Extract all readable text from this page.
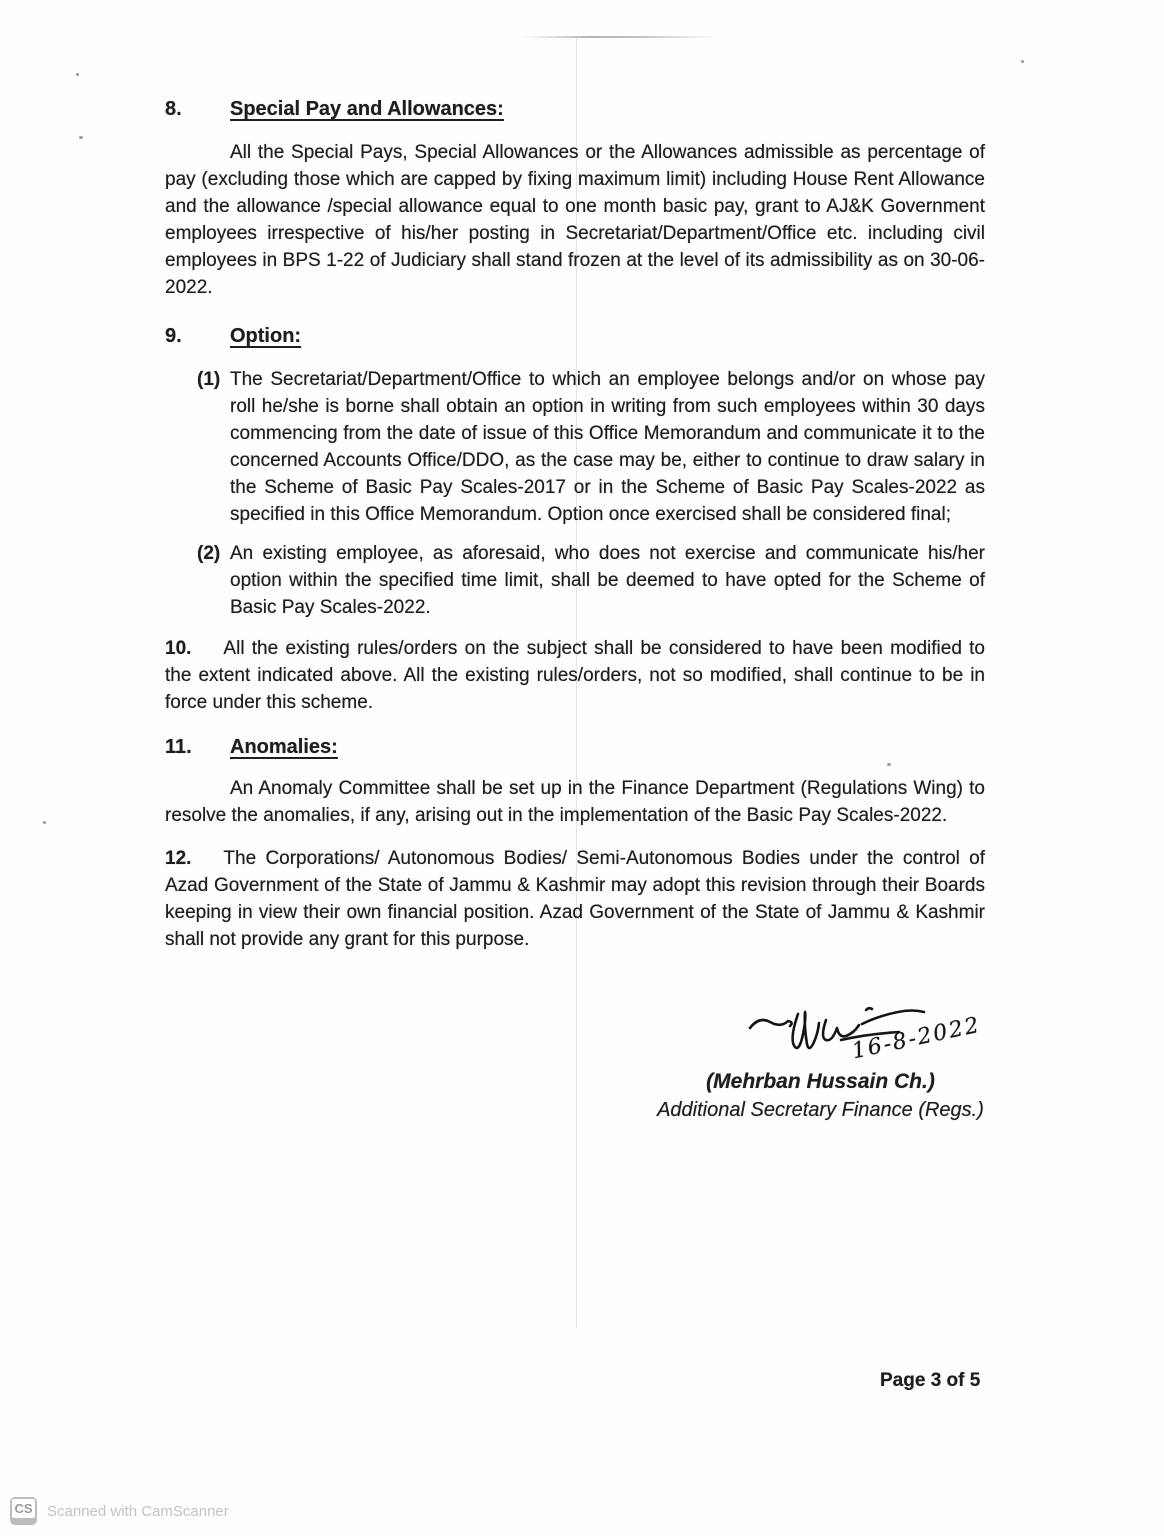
8.	Special Pay and Allowances:

All the Special Pays, Special Allowances or the Allowances admissible as percentage of pay (excluding those which are capped by fixing maximum limit) including House Rent Allowance and the allowance /special allowance equal to one month basic pay, grant to AJ&K Government employees irrespective of his/her posting in Secretariat/Department/Office etc. including civil employees in BPS 1-22 of Judiciary shall stand frozen at the level of its admissibility as on 30-06-2022.

9.	Option:
(1) The Secretariat/Department/Office to which an employee belongs and/or on whose pay roll he/she is borne shall obtain an option in writing from such employees within 30 days commencing from the date of issue of this Office Memorandum and communicate it to the concerned Accounts Office/DDO, as the case may be, either to continue to draw salary in the Scheme of Basic Pay Scales-2017 or in the Scheme of Basic Pay Scales-2022 as specified in this Office Memorandum. Option once exercised shall be considered final;
(2) An existing employee, as aforesaid, who does not exercise and communicate his/her option within the specified time limit, shall be deemed to have opted for the Scheme of Basic Pay Scales-2022.

10. All the existing rules/orders on the subject shall be considered to have been modified to the extent indicated above. All the existing rules/orders, not so modified, shall continue to be in force under this scheme.

11.	Anomalies:

An Anomaly Committee shall be set up in the Finance Department (Regulations Wing) to resolve the anomalies, if any, arising out in the implementation of the Basic Pay Scales-2022.

12. The Corporations/ Autonomous Bodies/ Semi-Autonomous Bodies under the control of Azad Government of the State of Jammu & Kashmir may adopt this revision through their Boards keeping in view their own financial position. Azad Government of the State of Jammu & Kashmir shall not provide any grant for this purpose.

16-8-2022
(Mehrban Hussain Ch.)
Additional Secretary Finance (Regs.)
Page 3 of 5
CS Scanned with CamScanner
